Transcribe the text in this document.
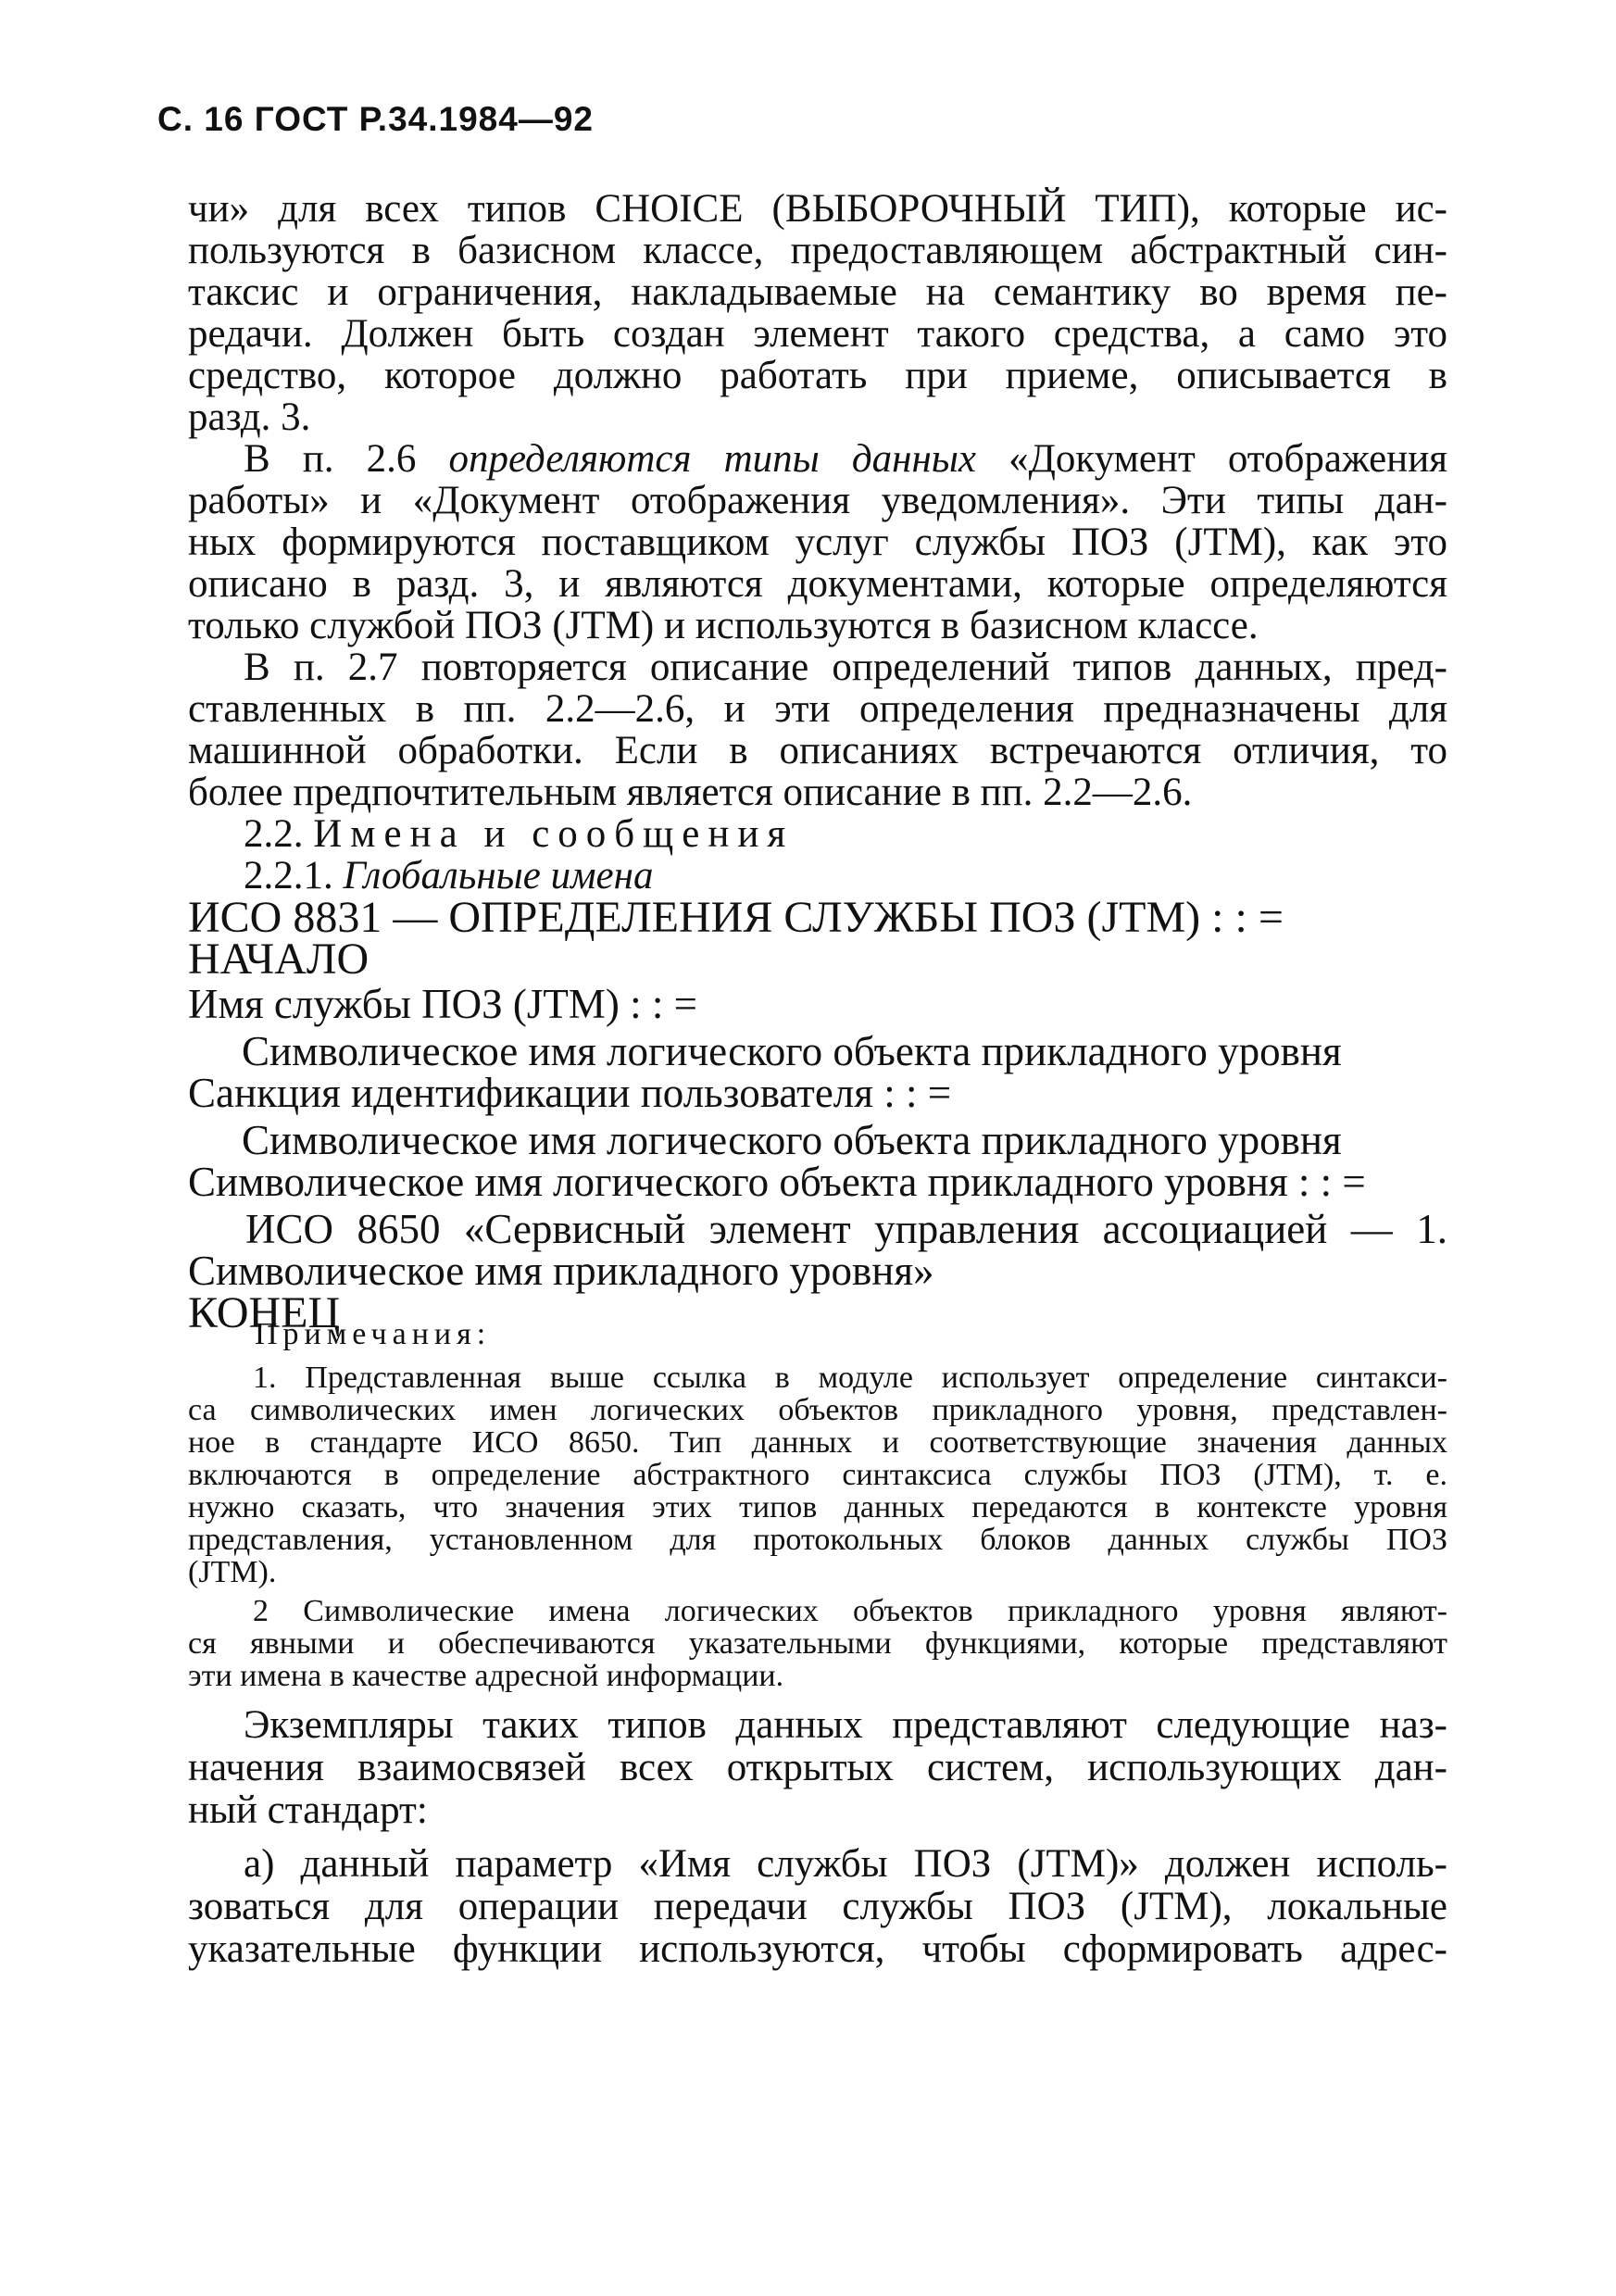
С. 16 ГОСТ Р.34.1984—92
чи» для всех типов CHOICE (ВЫБОРОЧНЫЙ ТИП), которые ис-
пользуются в базисном классе, предоставляющем абстрактный син-
таксис и ограничения, накладываемые на семантику во время пе-
редачи. Должен быть создан элемент такого средства, а само это
средство, которое должно работать при приеме, описывается в
разд. 3.
В п. 2.6 определяются типы данных «Документ отображения
работы» и «Документ отображения уведомления». Эти типы дан-
ных формируются поставщиком услуг службы ПОЗ (JTM), как это
описано в разд. 3, и являются документами, которые определяются
только службой ПОЗ (JTM) и используются в базисном классе.
В п. 2.7 повторяется описание определений типов данных, пред-
ставленных в пп. 2.2—2.6, и эти определения предназначены для
машинной обработки. Если в описаниях встречаются отличия, то
более предпочтительным является описание в пп. 2.2—2.6.
2.2. Имена и сообщения
2.2.1. Глобальные имена
ИСО 8831 — ОПРЕДЕЛЕНИЯ СЛУЖБЫ ПОЗ (JTM) : : =
НАЧАЛО
Имя службы ПОЗ (JTM) : : =
Символическое имя логического объекта прикладного уровня
Санкция идентификации пользователя : : =
Символическое имя логического объекта прикладного уровня
Символическое имя логического объекта прикладного уровня : : =
ИСО 8650 «Сервисный элемент управления ассоциацией — 1.
Символическое имя прикладного уровня»
КОНЕЦ
Примечания:
1. Представленная выше ссылка в модуле использует определение синтакси-
са символических имен логических объектов прикладного уровня, представлен-
ное в стандарте ИСО 8650. Тип данных и соответствующие значения данных
включаются в определение абстрактного синтаксиса службы ПОЗ (JTM), т. е.
нужно сказать, что значения этих типов данных передаются в контексте уровня
представления, установленном для протокольных блоков данных службы ПОЗ
(JTM).
2 Символические имена логических объектов прикладного уровня являют-
ся явными и обеспечиваются указательными функциями, которые представляют
эти имена в качестве адресной информации.
Экземпляры таких типов данных представляют следующие наз-
начения взаимосвязей всех открытых систем, использующих дан-
ный стандарт:
а) данный параметр «Имя службы ПОЗ (JTM)» должен исполь-
зоваться для операции передачи службы ПОЗ (JTM), локальные
указательные функции используются, чтобы сформировать адрес-
